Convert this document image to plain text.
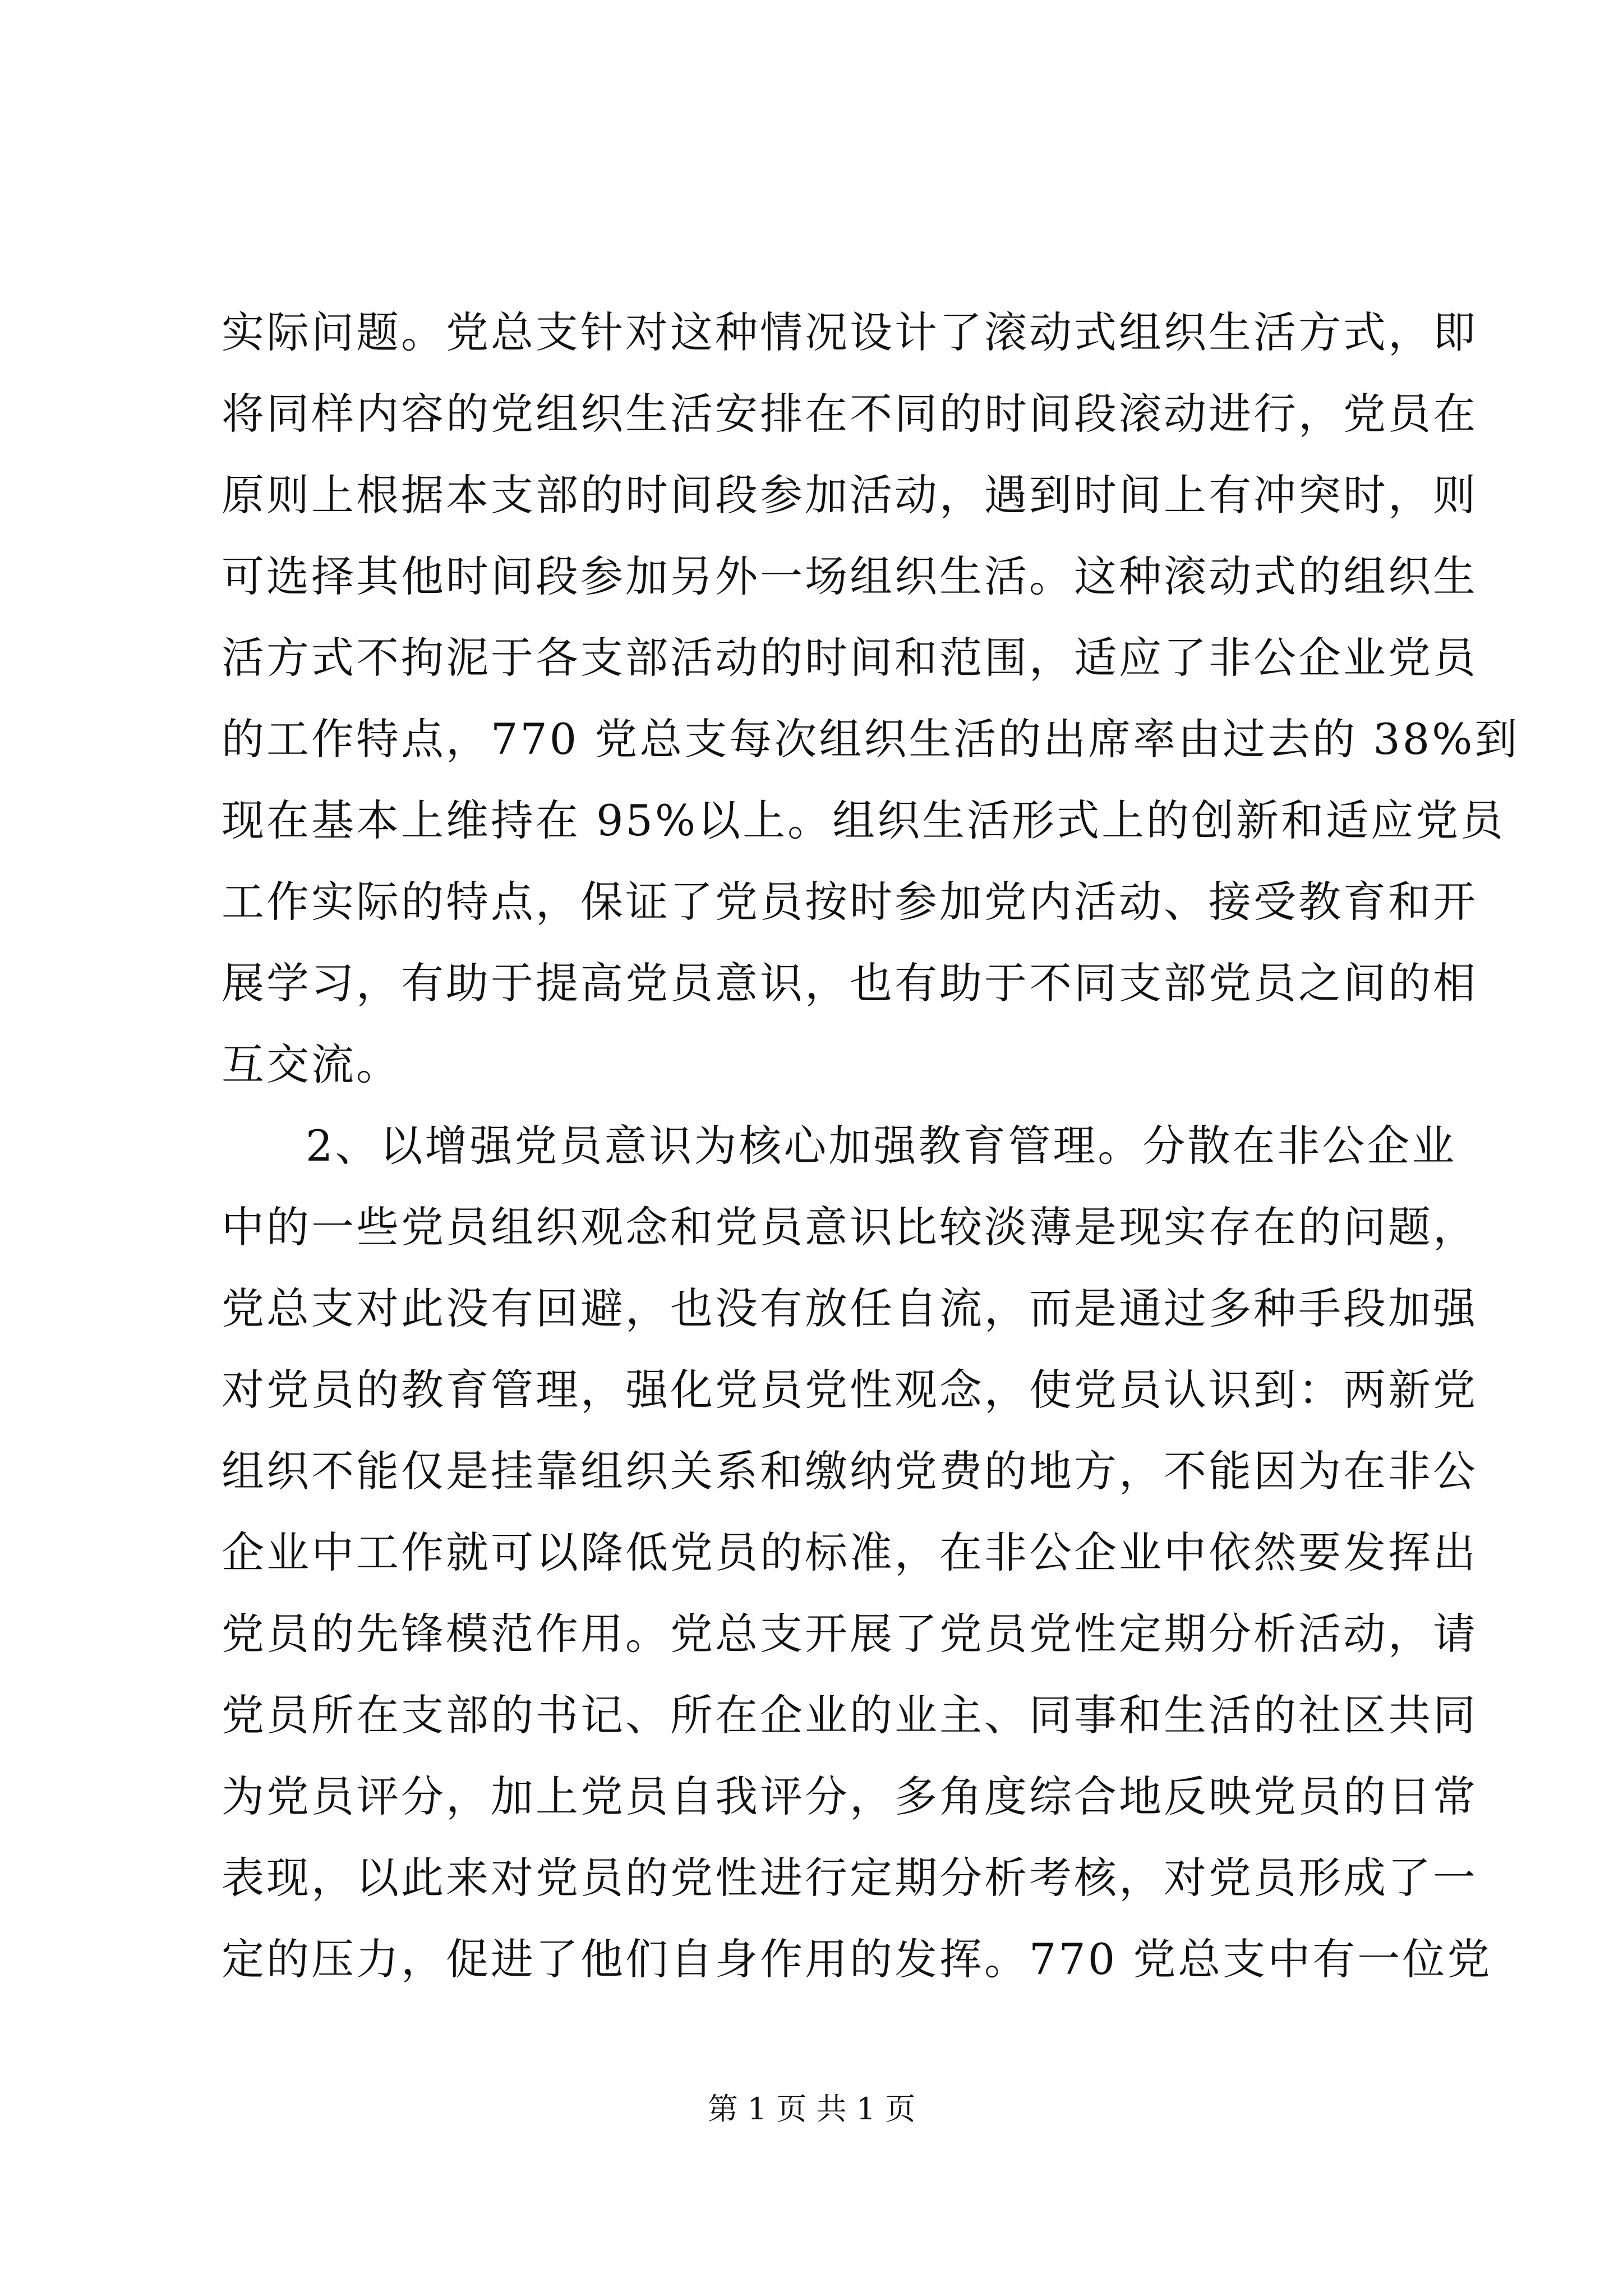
实际问题。党总支针对这种情况设计了滚动式组织生活方式，即
将同样内容的党组织生活安排在不同的时间段滚动进行，党员在
原则上根据本支部的时间段参加活动，遇到时间上有冲突时，则
可选择其他时间段参加另外一场组织生活。这种滚动式的组织生
活方式不拘泥于各支部活动的时间和范围，适应了非公企业党员
的工作特点，770 党总支每次组织生活的出席率由过去的 38%到
现在基本上维持在 95%以上。组织生活形式上的创新和适应党员
工作实际的特点，保证了党员按时参加党内活动、接受教育和开
展学习，有助于提高党员意识，也有助于不同支部党员之间的相
互交流。
2、以增强党员意识为核心加强教育管理。分散在非公企业
中的一些党员组织观念和党员意识比较淡薄是现实存在的问题，
党总支对此没有回避，也没有放任自流，而是通过多种手段加强
对党员的教育管理，强化党员党性观念，使党员认识到：两新党
组织不能仅是挂靠组织关系和缴纳党费的地方，不能因为在非公
企业中工作就可以降低党员的标准，在非公企业中依然要发挥出
党员的先锋模范作用。党总支开展了党员党性定期分析活动，请
党员所在支部的书记、所在企业的业主、同事和生活的社区共同
为党员评分，加上党员自我评分，多角度综合地反映党员的日常
表现，以此来对党员的党性进行定期分析考核，对党员形成了一
定的压力，促进了他们自身作用的发挥。770 党总支中有一位党
第 1 页 共 1 页
